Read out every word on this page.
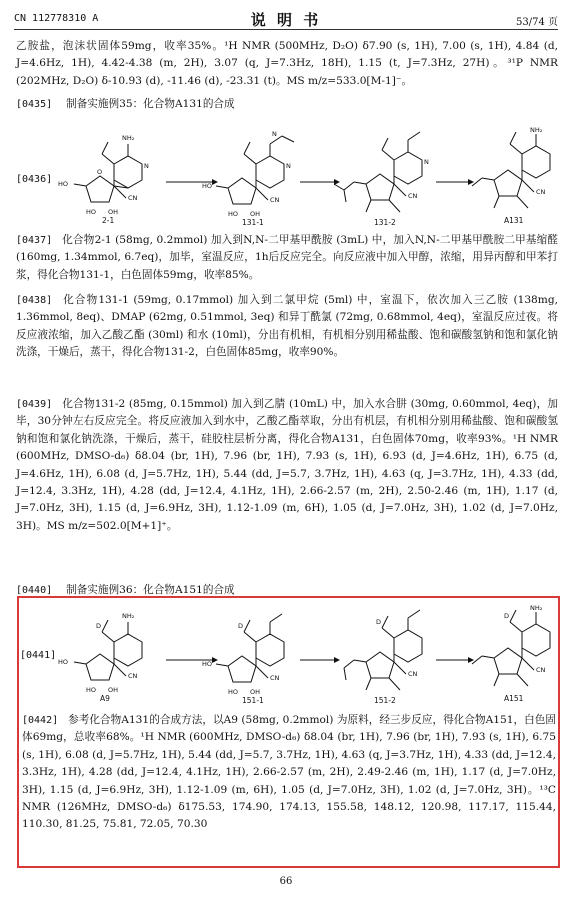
CN 112778310 A	说 明 书	53/74 页
乙胺盐，泡沫状固体59mg，收率35%。¹H NMR (500MHz, D₂O) δ7.90 (s, 1H), 7.00 (s, 1H), 4.84 (d, J=4.6Hz, 1H), 4.42-4.38 (m, 2H), 3.07 (q, J=7.3Hz, 18H), 1.15 (t, J=7.3Hz, 27H)。³¹P NMR (202MHz, D₂O) δ-10.93 (d), -11.46 (d), -23.31 (t)。MS m/z=533.0[M-1]⁻。
[0435] 制备实施例35：化合物A131的合成
[0436]
NH₂
N
CN
HO
HO OH
O
N
N
CN
HO
HO OH
N
CN
NH₂
CN
2-1	131-1	131-2	A131
[0437] 化合物2-1 (58mg, 0.2mmol) 加入到N,N-二甲基甲酰胺 (3mL) 中，加入N,N-二甲基甲酰胺二甲基缩醛 (160mg, 1.34mmol, 6.7eq)，加毕，室温反应，1h后反应完全。向反应液中加入甲醇，浓缩，用异丙醇和甲苯打浆，得化合物131-1，白色固体59mg，收率85%。
[0438] 化合物131-1 (59mg, 0.17mmol) 加入到二氯甲烷 (5ml) 中，室温下，依次加入三乙胺 (138mg, 1.36mmol, 8eq)、DMAP (62mg, 0.51mmol, 3eq) 和异丁酰氯 (72mg, 0.68mmol, 4eq)，室温反应过夜。将反应液浓缩，加入乙酸乙酯 (30ml) 和水 (10ml)，分出有机相，有机相分别用稀盐酸、饱和碳酸氢钠和饱和氯化钠洗涤，干燥后，蒸干，得化合物131-2，白色固体85mg，收率90%。
[0439] 化合物131-2 (85mg, 0.15mmol) 加入到乙腈 (10mL) 中，加入水合肼 (30mg, 0.60mmol, 4eq)，加毕，30分钟左右反应完全。将反应液加入到水中，乙酸乙酯萃取，分出有机层，有机相分别用稀盐酸、饱和碳酸氢钠和饱和氯化钠洗涤，干燥后，蒸干，硅胶柱层析分离，得化合物A131，白色固体70mg，收率93%。¹H NMR (600MHz, DMSO-d₆) δ8.04 (br, 1H), 7.96 (br, 1H), 7.93 (s, 1H), 6.93 (d, J=4.6Hz, 1H), 6.75 (d, J=4.6Hz, 1H), 6.08 (d, J=5.7Hz, 1H), 5.44 (dd, J=5.7, 3.7Hz, 1H), 4.63 (q, J=3.7Hz, 1H), 4.33 (dd, J=12.4, 3.3Hz, 1H), 4.28 (dd, J=12.4, 4.1Hz, 1H), 2.66-2.57 (m, 2H), 2.50-2.46 (m, 1H), 1.17 (d, J=7.0Hz, 3H), 1.15 (d, J=6.9Hz, 3H), 1.12-1.09 (m, 6H), 1.05 (d, J=7.0Hz, 3H), 1.02 (d, J=7.0Hz, 3H)。MS m/z=502.0[M+1]⁺。
[0440] 制备实施例36：化合物A151的合成
[0441]
NH₂
D
CN
HO
HO OH
D
CN
HO
HO OH
D
CN
D
NH₂
CN
A9	151-1	151-2	A151
[0442] 参考化合物A131的合成方法，以A9 (58mg, 0.2mmol) 为原料，经三步反应，得化合物A151，白色固体69mg，总收率68%。¹H NMR (600MHz, DMSO-d₆) δ8.04 (br, 1H), 7.96 (br, 1H), 7.93 (s, 1H), 6.75 (s, 1H), 6.08 (d, J=5.7Hz, 1H), 5.44 (dd, J=5.7, 3.7Hz, 1H), 4.63 (q, J=3.7Hz, 1H), 4.33 (dd, J=12.4, 3.3Hz, 1H), 4.28 (dd, J=12.4, 4.1Hz, 1H), 2.66-2.57 (m, 2H), 2.49-2.46 (m, 1H), 1.17 (d, J=7.0Hz, 3H), 1.15 (d, J=6.9Hz, 3H), 1.12-1.09 (m, 6H), 1.05 (d, J=7.0Hz, 3H), 1.02 (d, J=7.0Hz, 3H)。¹³C NMR (126MHz, DMSO-d₆) δ175.53, 174.90, 174.13, 155.58, 148.12, 120.98, 117.17, 115.44, 110.30, 81.25, 75.81, 72.05, 70.30
66
